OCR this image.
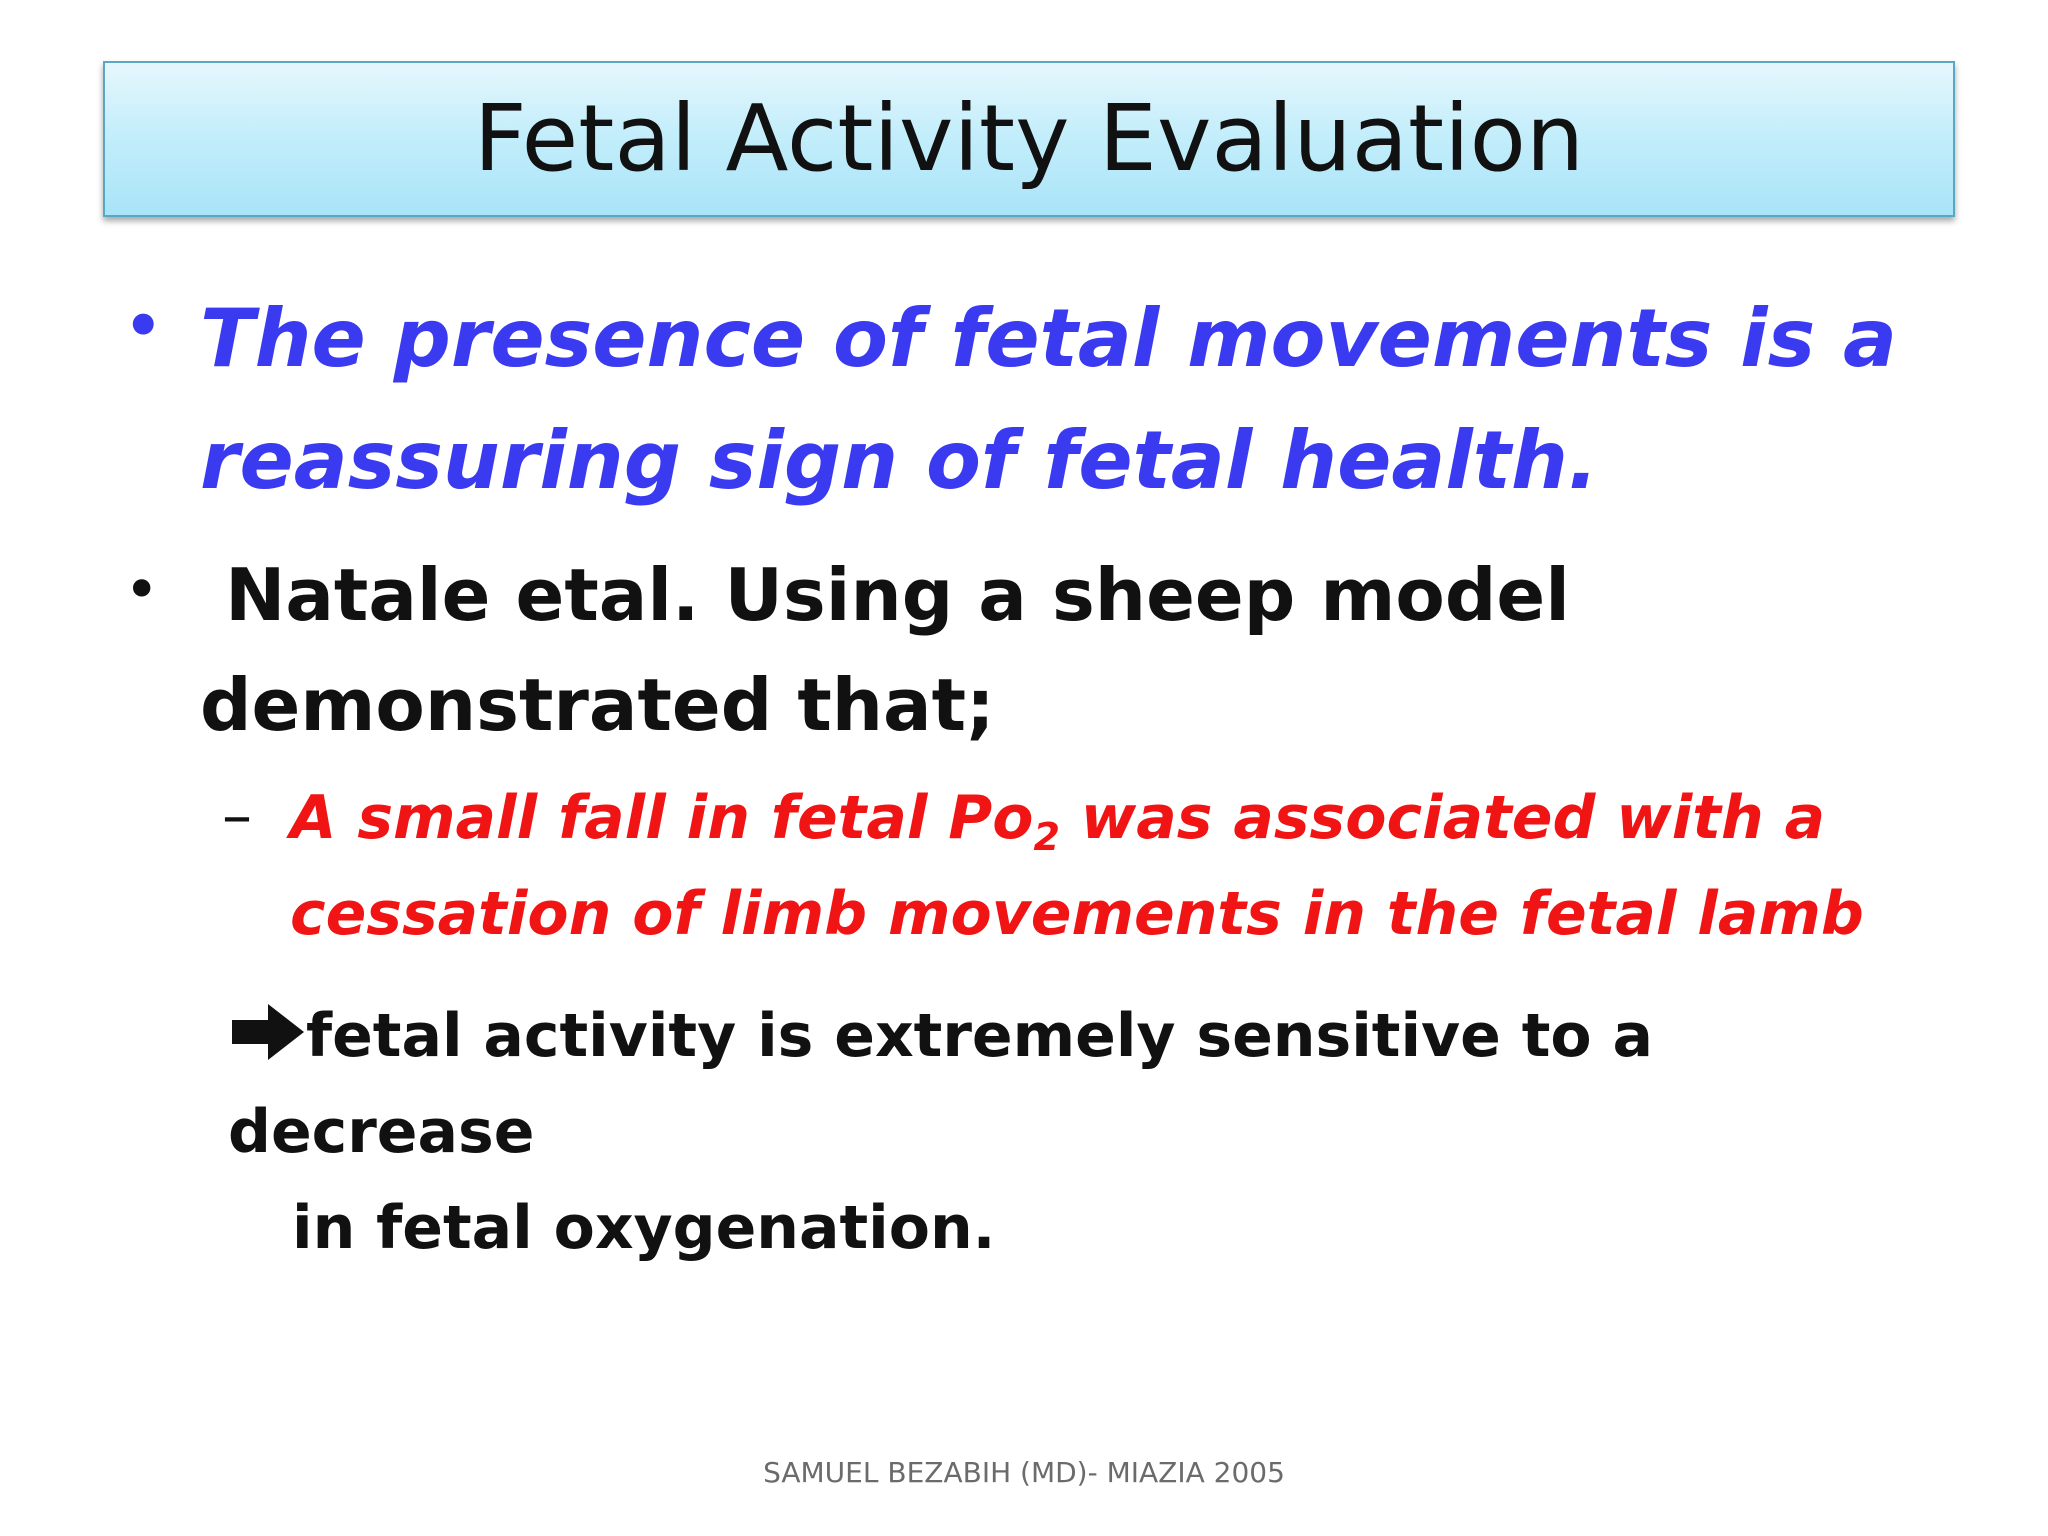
Fetal Activity Evaluation
• The presence of fetal movements is a reassuring sign of fetal health.
• Natale etal. Using a sheep model demonstrated that;
– A small fall in fetal $Po_2$ was associated with a cessation of limb movements in the fetal lamb
fetal activity is extremely sensitive to a decrease
in fetal oxygenation.
SAMUEL BEZABIH (MD)- MIAZIA 2005
